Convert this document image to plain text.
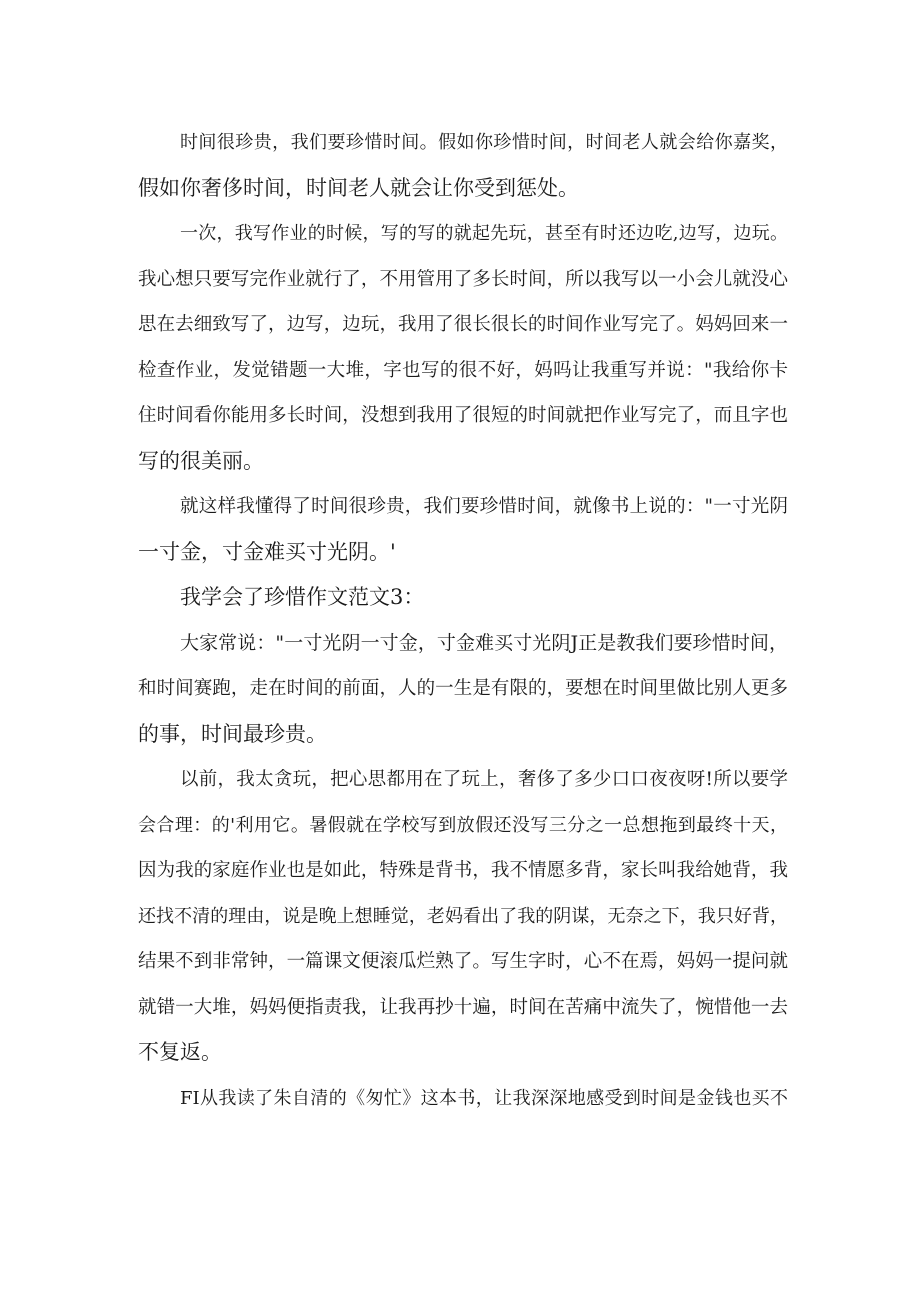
时间很珍贵，我们要珍惜时间。假如你珍惜时间，时间老人就会给你嘉奖，
假如你奢侈时间，时间老人就会让你受到惩处。
一次，我写作业的时候，写的写的就起先玩，甚至有时还边吃,边写，边玩。
我心想只要写完作业就行了，不用管用了多长时间，所以我写以一小会儿就没心
思在去细致写了，边写，边玩，我用了很长很长的时间作业写完了。妈妈回来一
检查作业，发觉错题一大堆，字也写的很不好，妈吗让我重写并说："我给你卡
住时间看你能用多长时间，没想到我用了很短的时间就把作业写完了，而且字也
写的很美丽。
就这样我懂得了时间很珍贵，我们要珍惜时间，就像书上说的："一寸光阴
一寸金，寸金难买寸光阴。'
我学会了珍惜作文范文3：
大家常说："一寸光阴一寸金，寸金难买寸光阴J正是教我们要珍惜时间，
和时间赛跑，走在时间的前面，人的一生是有限的，要想在时间里做比别人更多
的事，时间最珍贵。
以前，我太贪玩，把心思都用在了玩上，奢侈了多少口口夜夜呀!所以要学
会合理：的'利用它。暑假就在学校写到放假还没写三分之一总想拖到最终十天，
因为我的家庭作业也是如此，特殊是背书，我不情愿多背，家长叫我给她背，我
还找不清的理由，说是晚上想睡觉，老妈看出了我的阴谋，无奈之下，我只好背，
结果不到非常钟，一篇课文便滚瓜烂熟了。写生字时，心不在焉，妈妈一提问就
就错一大堆，妈妈便指责我，让我再抄十遍，时间在苦痛中流失了，惋惜他一去
不复返。
FI从我读了朱自清的《匆忙》这本书，让我深深地感受到时间是金钱也买不
